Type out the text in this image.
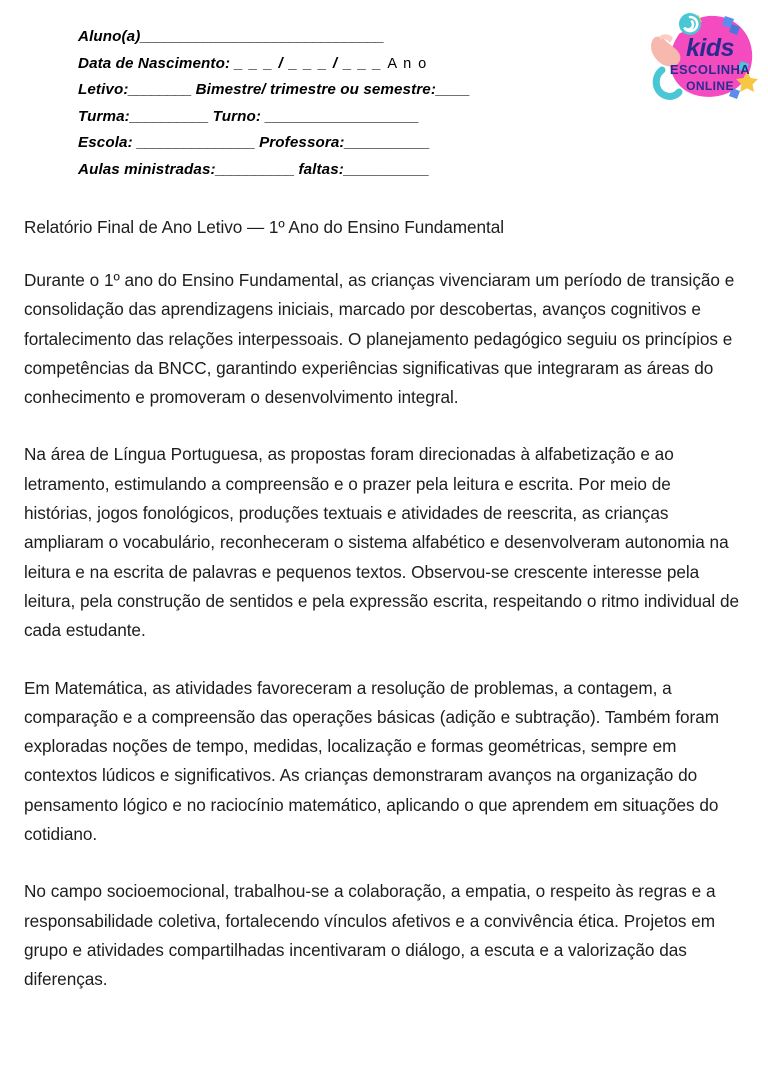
Aluno(a)_______________________________
Data de Nascimento: _ _ _ / _ _ _ / _ _ _ A n o
Letivo:________ Bimestre/ trimestre ou semestre:____
Turma:__________ Turno: __________________
Escola: _______________ Professora:__________
Aulas ministradas:__________ faltas:__________
kids
ESCOLINHA
ONLINE

Relatório Final de Ano Letivo — 1º Ano do Ensino Fundamental

Durante o 1º ano do Ensino Fundamental, as crianças vivenciaram um período de transição e consolidação das aprendizagens iniciais, marcado por descobertas, avanços cognitivos e fortalecimento das relações interpessoais. O planejamento pedagógico seguiu os princípios e competências da BNCC, garantindo experiências significativas que integraram as áreas do conhecimento e promoveram o desenvolvimento integral.

Na área de Língua Portuguesa, as propostas foram direcionadas à alfabetização e ao letramento, estimulando a compreensão e o prazer pela leitura e escrita. Por meio de histórias, jogos fonológicos, produções textuais e atividades de reescrita, as crianças ampliaram o vocabulário, reconheceram o sistema alfabético e desenvolveram autonomia na leitura e na escrita de palavras e pequenos textos. Observou-se crescente interesse pela leitura, pela construção de sentidos e pela expressão escrita, respeitando o ritmo individual de cada estudante.

Em Matemática, as atividades favoreceram a resolução de problemas, a contagem, a comparação e a compreensão das operações básicas (adição e subtração). Também foram exploradas noções de tempo, medidas, localização e formas geométricas, sempre em contextos lúdicos e significativos. As crianças demonstraram avanços na organização do pensamento lógico e no raciocínio matemático, aplicando o que aprendem em situações do cotidiano.

No campo socioemocional, trabalhou-se a colaboração, a empatia, o respeito às regras e a responsabilidade coletiva, fortalecendo vínculos afetivos e a convivência ética. Projetos em grupo e atividades compartilhadas incentivaram o diálogo, a escuta e a valorização das diferenças.
